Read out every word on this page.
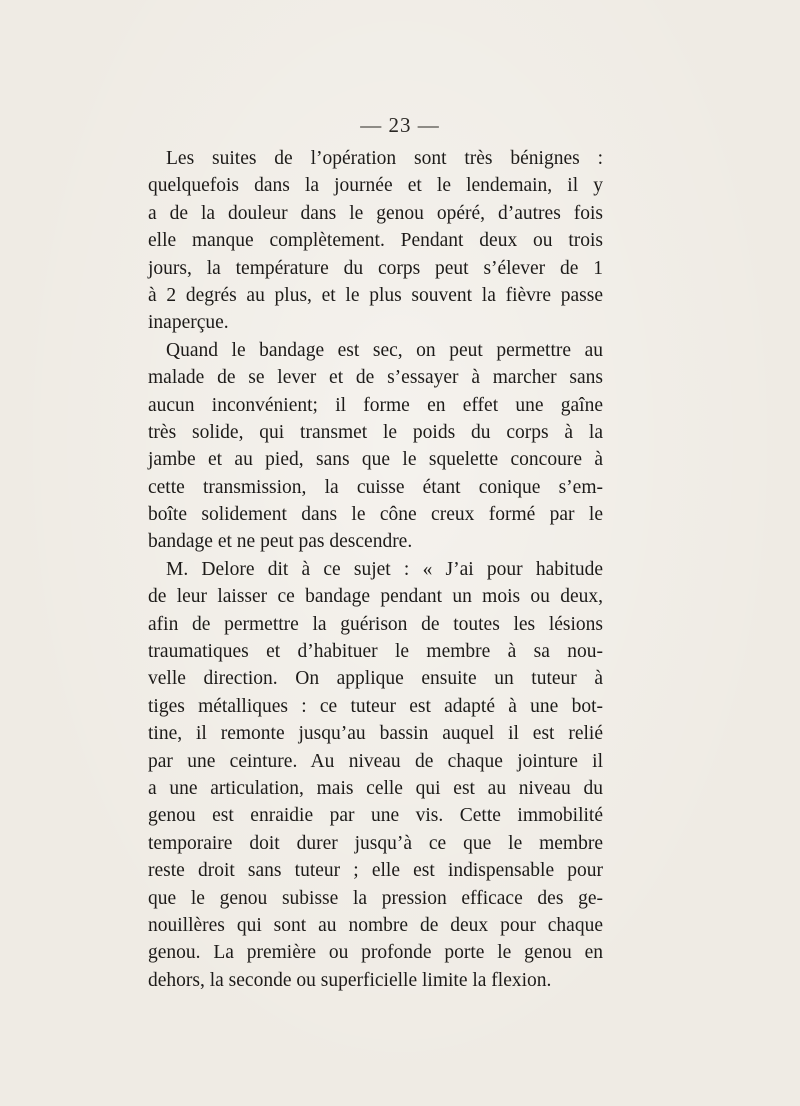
— 23 —
Les suites de l’opération sont très bénignes :
quelquefois dans la journée et le lendemain, il y
a de la douleur dans le genou opéré, d’autres fois
elle manque complètement. Pendant deux ou trois
jours, la température du corps peut s’élever de 1
à 2 degrés au plus, et le plus souvent la fièvre passe
inaperçue.
Quand le bandage est sec, on peut permettre au
malade de se lever et de s’essayer à marcher sans
aucun inconvénient; il forme en effet une gaîne
très solide, qui transmet le poids du corps à la
jambe et au pied, sans que le squelette concoure à
cette transmission, la cuisse étant conique s’em-
boîte solidement dans le cône creux formé par le
bandage et ne peut pas descendre.
M. Delore dit à ce sujet : « J’ai pour habitude
de leur laisser ce bandage pendant un mois ou deux,
afin de permettre la guérison de toutes les lésions
traumatiques et d’habituer le membre à sa nou-
velle direction. On applique ensuite un tuteur à
tiges métalliques : ce tuteur est adapté à une bot-
tine, il remonte jusqu’au bassin auquel il est relié
par une ceinture. Au niveau de chaque jointure il
a une articulation, mais celle qui est au niveau du
genou est enraidie par une vis. Cette immobilité
temporaire doit durer jusqu’à ce que le membre
reste droit sans tuteur ; elle est indispensable pour
que le genou subisse la pression efficace des ge-
nouillères qui sont au nombre de deux pour chaque
genou. La première ou profonde porte le genou en
dehors, la seconde ou superficielle limite la flexion.
